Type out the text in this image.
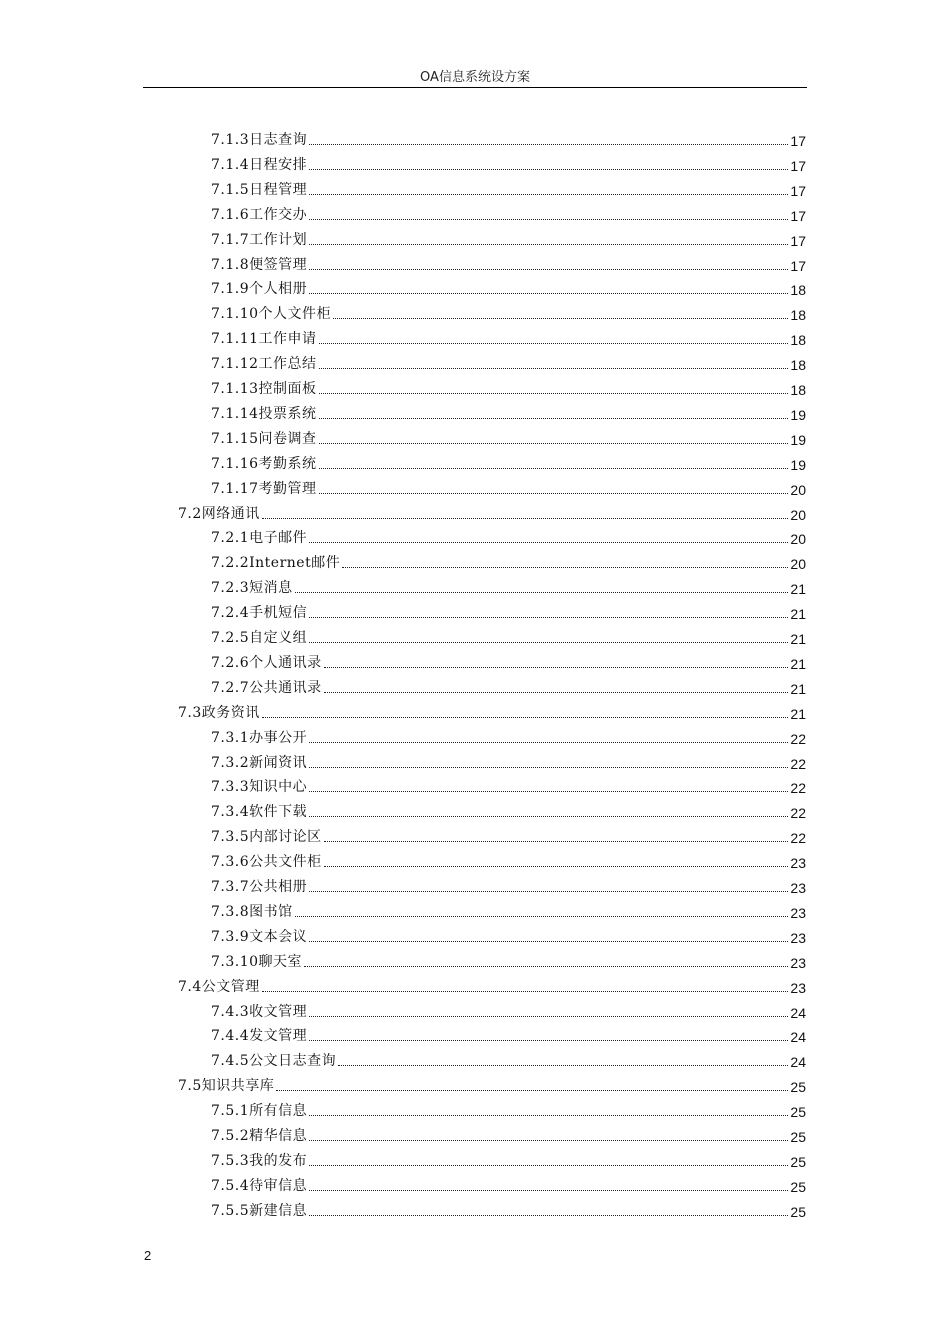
OA信息系统设方案
7.1.3日志查询	17
7.1.4日程安排	17
7.1.5日程管理	17
7.1.6工作交办	17
7.1.7工作计划	17
7.1.8便签管理	17
7.1.9个人相册	18
7.1.10个人文件柜	18
7.1.11工作申请	18
7.1.12工作总结	18
7.1.13控制面板	18
7.1.14投票系统	19
7.1.15问卷调查	19
7.1.16考勤系统	19
7.1.17考勤管理	20
7.2网络通讯	20
7.2.1电子邮件	20
7.2.2Internet邮件	20
7.2.3短消息	21
7.2.4手机短信	21
7.2.5自定义组	21
7.2.6个人通讯录	21
7.2.7公共通讯录	21
7.3政务资讯	21
7.3.1办事公开	22
7.3.2新闻资讯	22
7.3.3知识中心	22
7.3.4软件下载	22
7.3.5内部讨论区	22
7.3.6公共文件柜	23
7.3.7公共相册	23
7.3.8图书馆	23
7.3.9文本会议	23
7.3.10聊天室	23
7.4公文管理	23
7.4.3收文管理	24
7.4.4发文管理	24
7.4.5公文日志查询	24
7.5知识共享库	25
7.5.1所有信息	25
7.5.2精华信息	25
7.5.3我的发布	25
7.5.4待审信息	25
7.5.5新建信息	25
2
